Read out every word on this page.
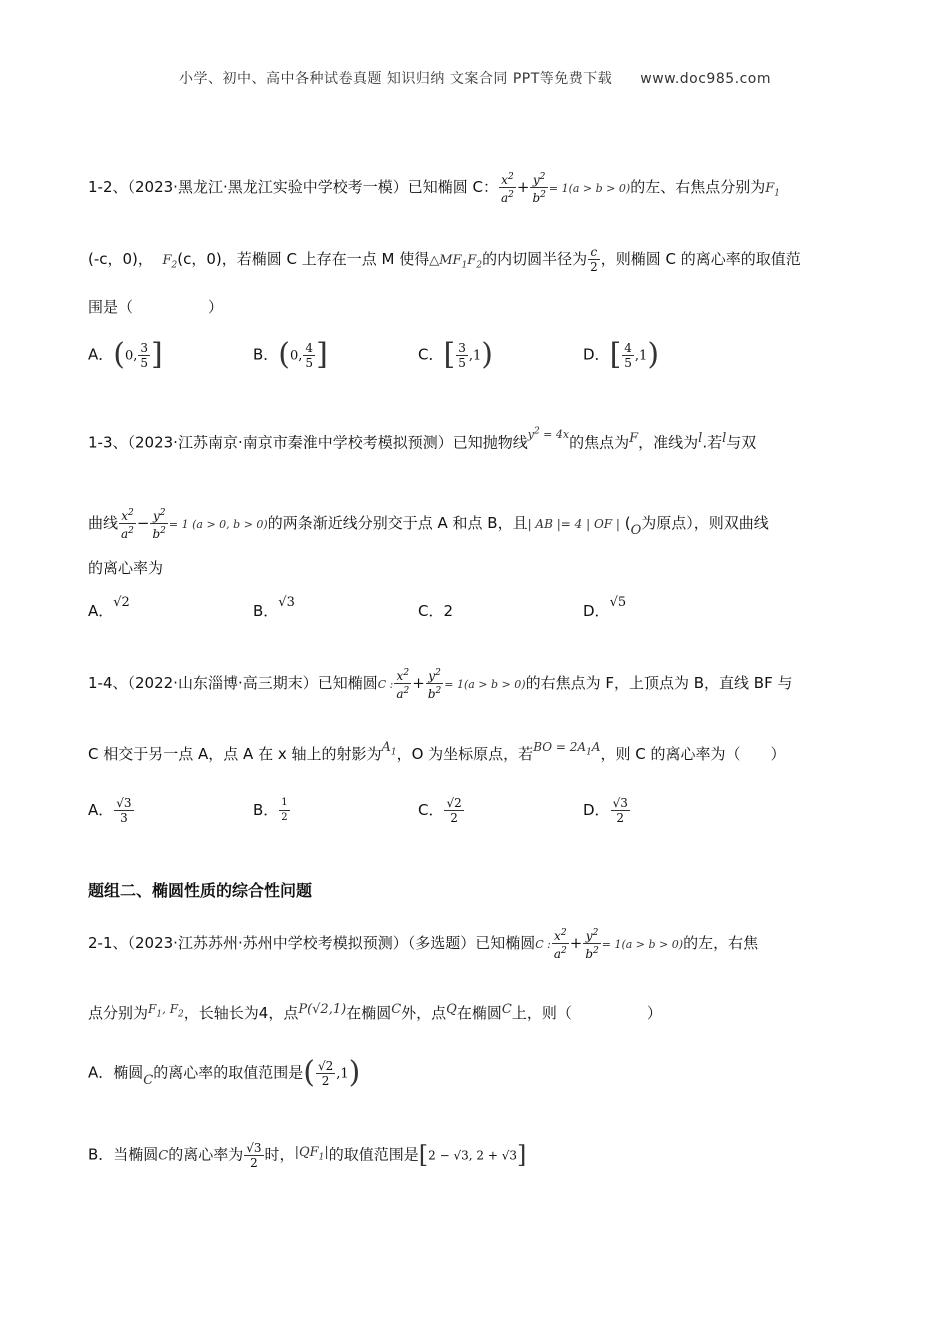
小学、初中、高中各种试卷真题 知识归纳 文案合同 PPT等免费下载 www.doc985.com
1-2、（2023·黑龙江·黑龙江实验中学校考一模）已知椭圆 C： $\frac{x^2}{a^2} + \frac{y^2}{b^2} = 1(a > b > 0)$的左、右焦点分别为$F_1$
(-c，0)， $F_2(c$，0)，若椭圆 C 上存在一点 M 使得$\triangle MF_1F_2$的内切圆半径为 $\frac{c}{2}$ ，则椭圆 C 的离心率的取值范
围是（　　　　　）
A．(0, $\frac{3}{5}$ ]	B．(0, $\frac{4}{5}$ ]	C．[ $\frac{3}{5} ,1$)	D．[ $\frac{4}{5} ,1$)
1-3、（2023·江苏南京·南京市秦淮中学校考模拟预测）已知抛物线$^{y^2 = 4x}$的焦点为F，准线为l.若l与双
曲线 $\frac{x^2}{a^2} - \frac{y^2}{b^2} = 1$ (a > 0, b > 0)的两条渐近线分别交于点 A 和点 B，且| AB |= 4 | OF | (O为原点），则双曲线
的离心率为
A．√2	B．√3	C．2	D．√5
1-4、（2022·山东淄博·高三期末）已知椭圆C : $\frac{x^2}{a^2} + \frac{y^2}{b^2} = 1(a > b > 0)$的右焦点为 F，上顶点为 B，直线 BF 与
C 相交于另一点 A，点 A 在 x 轴上的射影为$A_1$，O 为坐标原点，若$^{BO = 2A_1A}$，则 C 的离心率为（　　）
A． $\frac{√3}{3}$	B． $\frac{1}{2}$	C． $\frac{√2}{2}$	D． $\frac{√3}{2}$
题组二、椭圆性质的综合性问题
2-1、（2023·江苏苏州·苏州中学校考模拟预测）（多选题）已知椭圆C : $\frac{x^2}{a^2} + \frac{y^2}{b^2} = 1(a > b > 0)$的左，右焦
点分别为$^{F_1, F_2}$，长轴长为4，点P(√2,1)在椭圆C外，点Q在椭圆C上，则（　　　　　）
A．椭圆C的离心率的取值范围是( $\frac{√2}{2} ,1$)
B．当椭圆C的离心率为 $\frac{√3}{2}$ 时，$|QF_1|$的取值范围是[2 − √3, 2 + √3]
